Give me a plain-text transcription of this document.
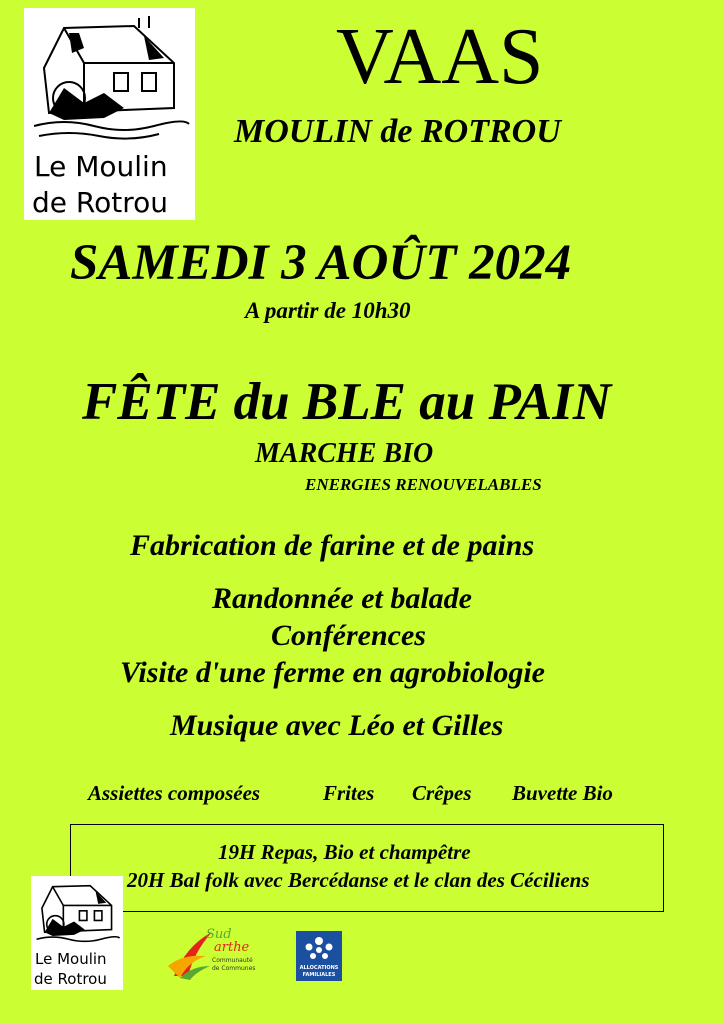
Le Moulin
de Rotrou
VAAS
MOULIN de ROTROU
SAMEDI 3 AOÛT 2024
A partir de 10h30
FÊTE du BLE au PAIN
MARCHE BIO
ENERGIES RENOUVELABLES
Fabrication de farine et de pains
Randonnée et balade
Conférences
Visite d'une ferme en agrobiologie
Musique avec Léo et Gilles
Assiettes composées	Frites Crêpes Buvette Bio
19H Repas, Bio et champêtre
20H Bal folk avec Bercédanse et le clan des Céciliens
Le Moulin
de Rotrou
Sud
arthe
Communauté
de Communes	ALLOCATIONS
FAMILIALES
